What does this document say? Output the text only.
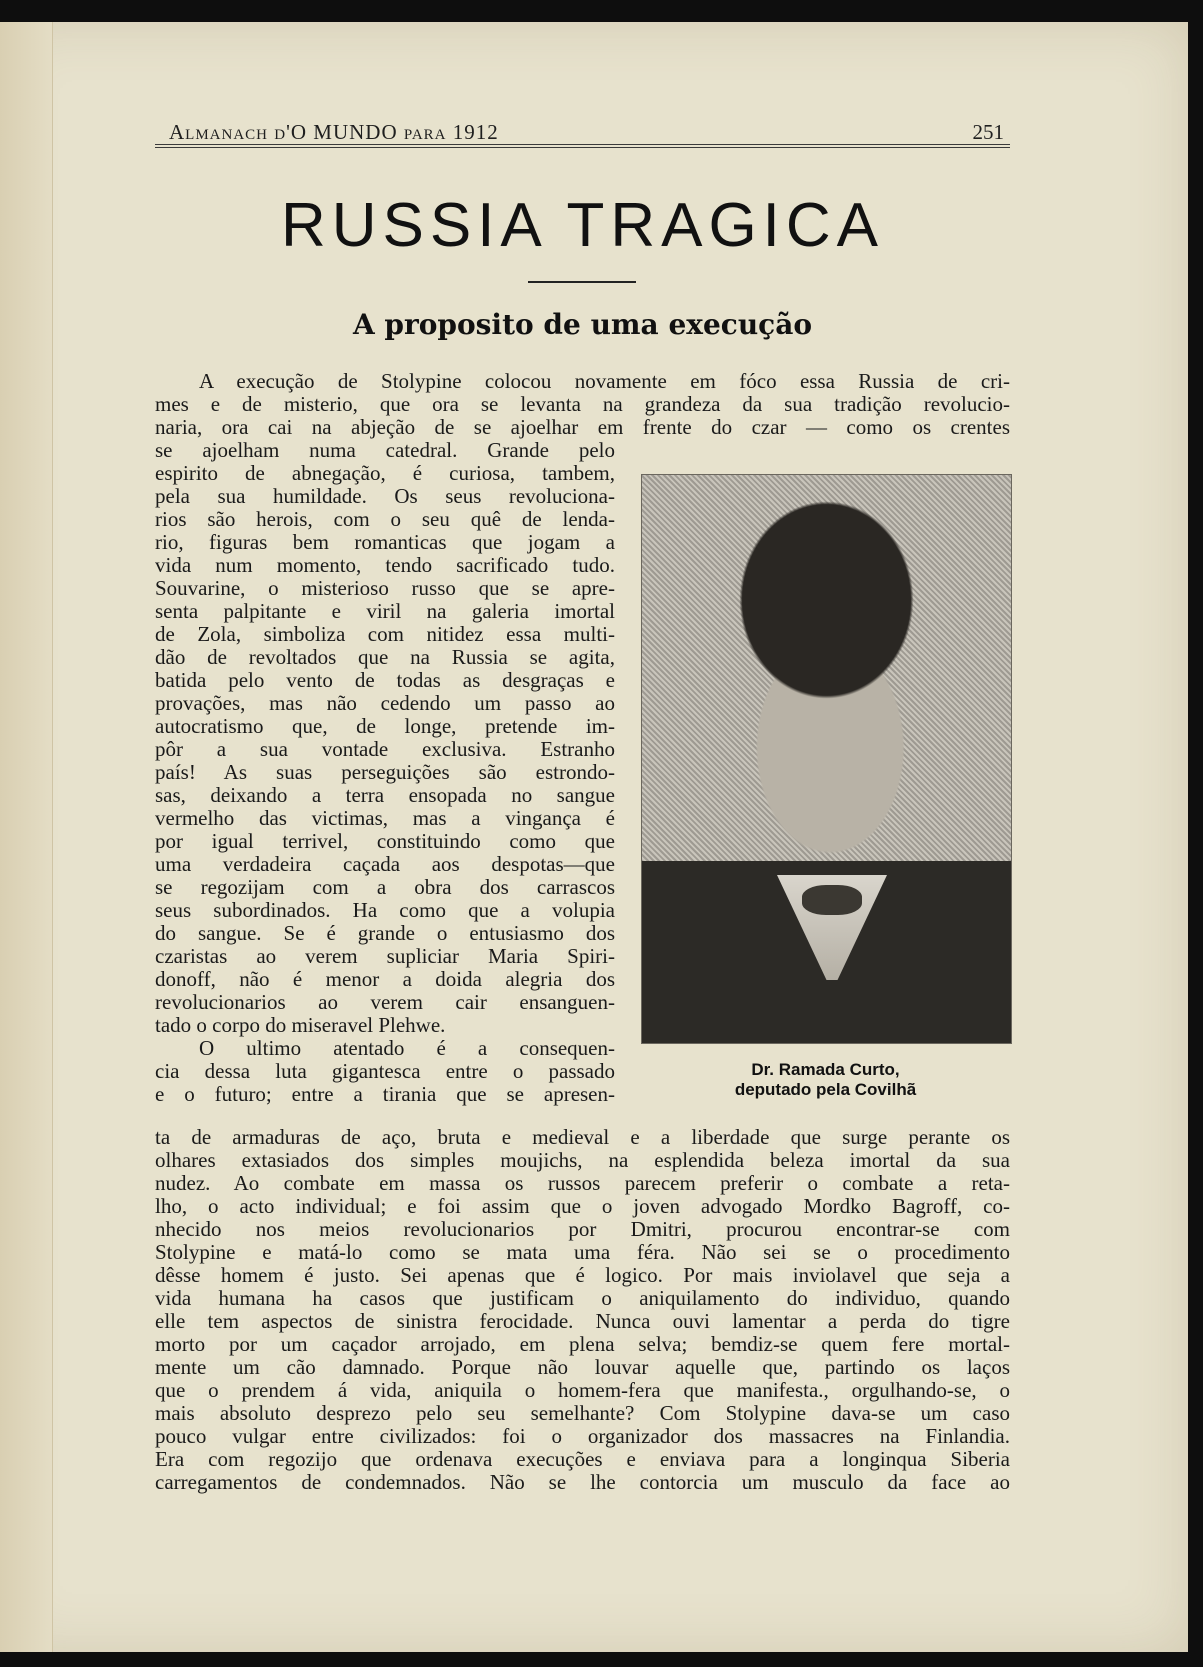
Almanach d'O MUNDO para 1912	251
RUSSIA TRAGICA
A proposito de uma execução
Dr. Ramada Curto,
deputado pela Covilhã
A execução de Stolypine colocou novamente em fóco essa Russia de cri-
mes e de misterio, que ora se levanta na grandeza da sua tradição revolucio-
naria, ora cai na abjeção de se ajoelhar em frente do czar — como os crentes
se ajoelham numa catedral. Grande pelo
espirito de abnegação, é curiosa, tambem,
pela sua humildade. Os seus revoluciona-
rios são herois, com o seu quê de lenda-
rio, figuras bem romanticas que jogam a
vida num momento, tendo sacrificado tudo.
Souvarine, o misterioso russo que se apre-
senta palpitante e viril na galeria imortal
de Zola, simboliza com nitidez essa multi-
dão de revoltados que na Russia se agita,
batida pelo vento de todas as desgraças e
provações, mas não cedendo um passo ao
autocratismo que, de longe, pretende im-
pôr a sua vontade exclusiva. Estranho
país! As suas perseguições são estrondo-
sas, deixando a terra ensopada no sangue
vermelho das victimas, mas a vingança é
por igual terrivel, constituindo como que
uma verdadeira caçada aos despotas—que
se regozijam com a obra dos carrascos
seus subordinados. Ha como que a volupia
do sangue. Se é grande o entusiasmo dos
czaristas ao verem supliciar Maria Spiri-
donoff, não é menor a doida alegria dos
revolucionarios ao verem cair ensanguen-
tado o corpo do miseravel Plehwe.
O ultimo atentado é a consequen-
cia dessa luta gigantesca entre o passado
e o futuro; entre a tirania que se apresen-
ta de armaduras de aço, bruta e medieval e a liberdade que surge perante os
olhares extasiados dos simples moujichs, na esplendida beleza imortal da sua
nudez. Ao combate em massa os russos parecem preferir o combate a reta-
lho, o acto individual; e foi assim que o joven advogado Mordko Bagroff, co-
nhecido nos meios revolucionarios por Dmitri, procurou encontrar-se com
Stolypine e matá-lo como se mata uma féra. Não sei se o procedimento
dêsse homem é justo. Sei apenas que é logico. Por mais inviolavel que seja a
vida humana ha casos que justificam o aniquilamento do individuo, quando
elle tem aspectos de sinistra ferocidade. Nunca ouvi lamentar a perda do tigre
morto por um caçador arrojado, em plena selva; bemdiz-se quem fere mortal-
mente um cão damnado. Porque não louvar aquelle que, partindo os laços
que o prendem á vida, aniquila o homem-fera que manifesta., orgulhando-se, o
mais absoluto desprezo pelo seu semelhante? Com Stolypine dava-se um caso
pouco vulgar entre civilizados: foi o organizador dos massacres na Finlandia.
Era com regozijo que ordenava execuções e enviava para a longinqua Siberia
carregamentos de condemnados. Não se lhe contorcia um musculo da face ao
